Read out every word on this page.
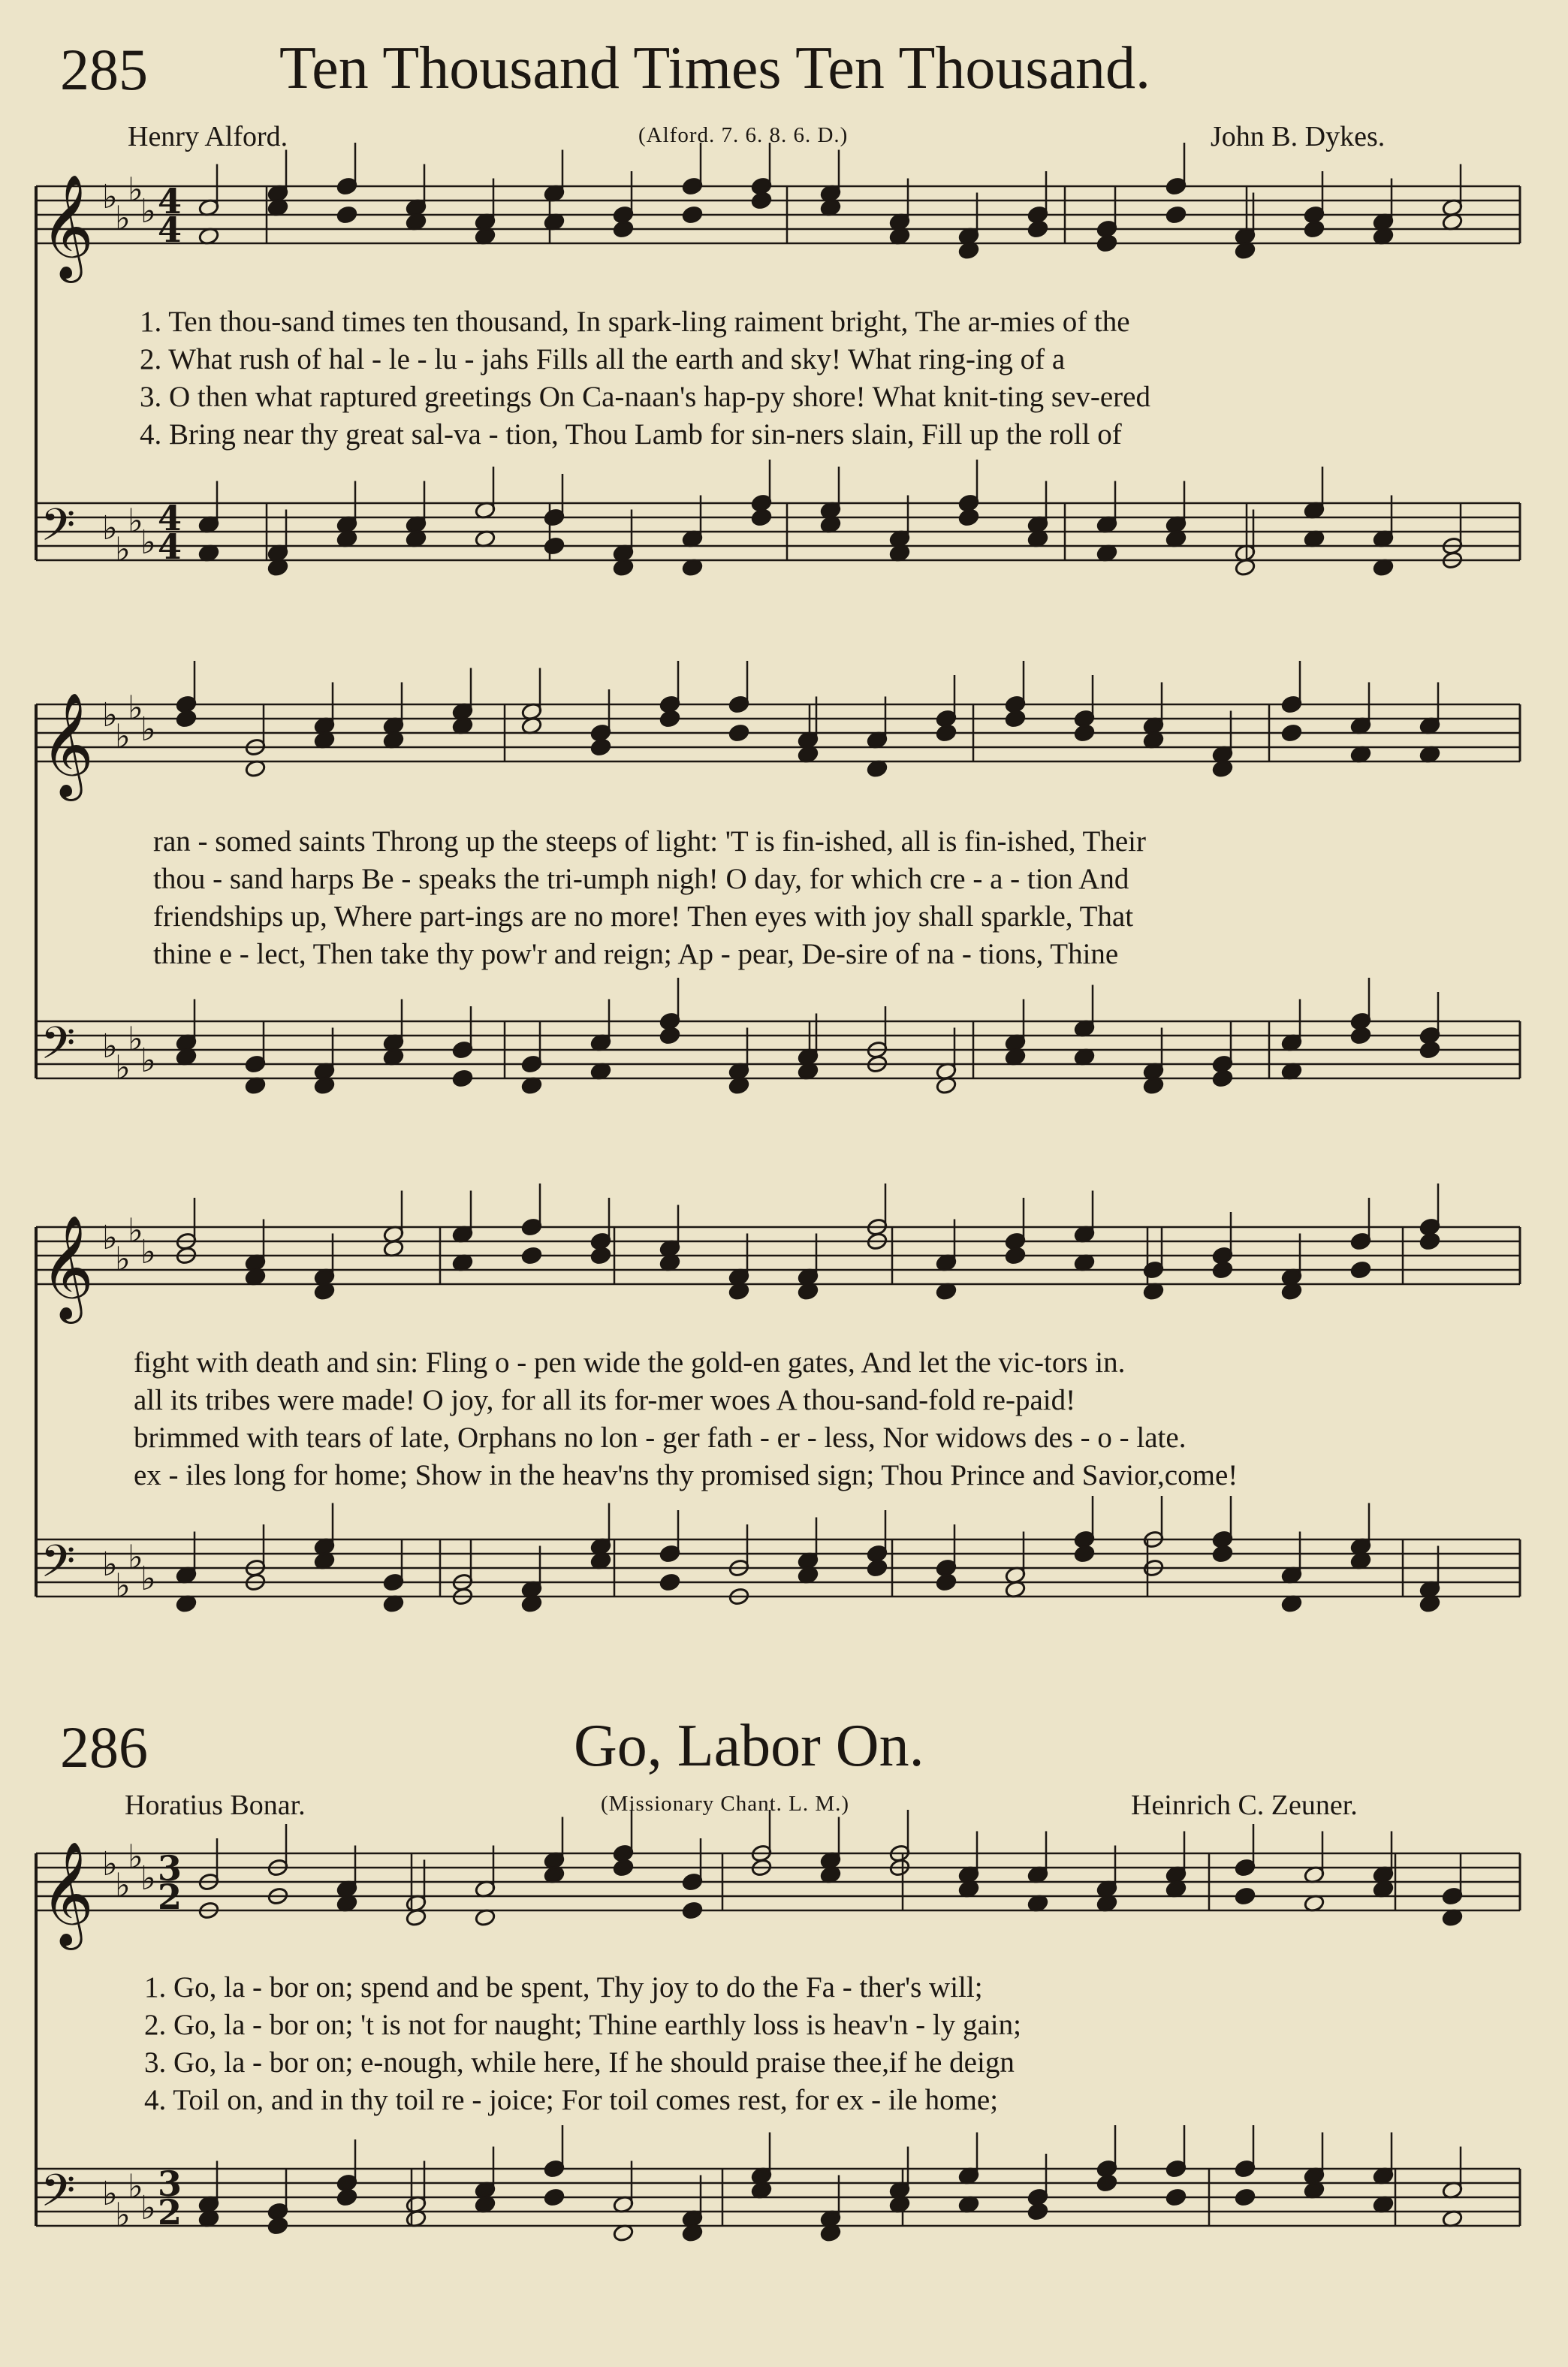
285 Ten Thousand Times Ten Thousand.
Henry Alford.	(Alford. 7. 6. 8. 6. D.)	John B. Dykes.
1. Ten thou-sand times ten thousand, In spark-ling raiment bright, The ar-mies of the
2. What rush of hal - le - lu - jahs Fills all the earth and sky! What ring-ing of a
3. O then what raptured greetings On Ca-naan's hap-py shore! What knit-ting sev-ered
4. Bring near thy great sal-va - tion, Thou Lamb for sin-ners slain, Fill up the roll of
ran - somed saints Throng up the steeps of light: 'T is fin-ished, all is fin-ished, Their
thou - sand harps Be - speaks the tri-umph nigh! O day, for which cre - a - tion And
friendships up, Where part-ings are no more! Then eyes with joy shall sparkle, That
thine e - lect, Then take thy pow'r and reign; Ap - pear, De-sire of na - tions, Thine
fight with death and sin: Fling o - pen wide the gold-en gates, And let the vic-tors in.
all its tribes were made! O joy, for all its for-mer woes A thou-sand-fold re-paid!
brimmed with tears of late, Orphans no lon - ger fath - er - less, Nor widows des - o - late.
ex - iles long for home; Show in the heav'ns thy promised sign; Thou Prince and Savior,come!
286	Go, Labor On.
Horatius Bonar.	(Missionary Chant. L. M.)	Heinrich C. Zeuner.
1. Go, la - bor on; spend and be spent, Thy joy to do the Fa - ther's will;
2. Go, la - bor on; 't is not for naught; Thine earthly loss is heav'n - ly gain;
3. Go, la - bor on; e-nough, while here, If he should praise thee,if he deign
4. Toil on, and in thy toil re - joice; For toil comes rest, for ex - ile home;
𝄞 ♭
♭
♭
♭ 4
4
𝄢 ♭
♭
♭
♭
4
4
𝄞 ♭
♭
♭
♭
𝄢 ♭
♭
♭
♭
𝄞 ♭
♭
♭
♭
𝄢 ♭
♭
♭
♭
𝄞 ♭
♭
♭
♭ 3
2
𝄢 ♭
♭
♭
♭
3
2
